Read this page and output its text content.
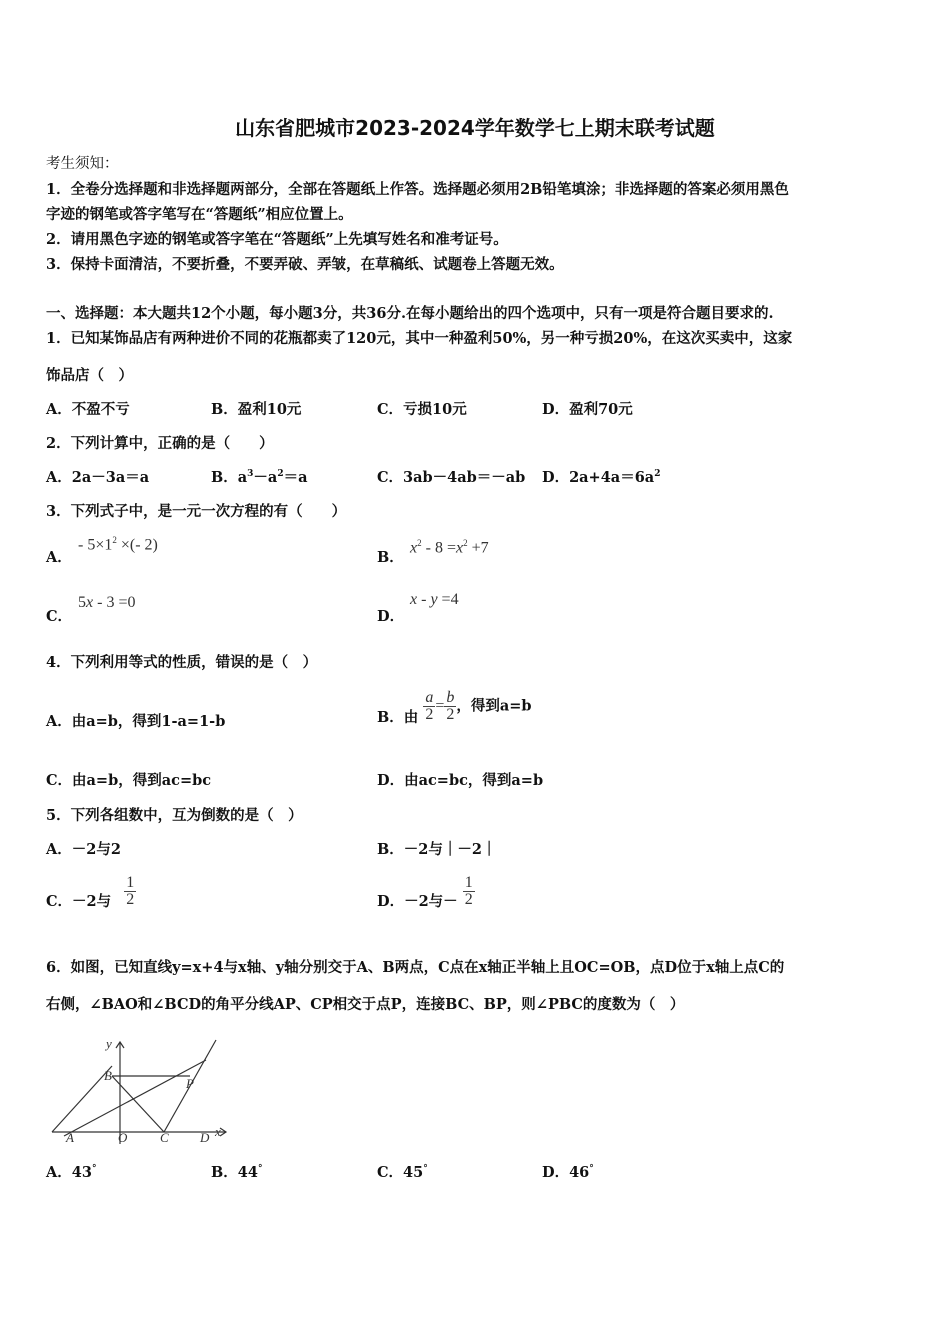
山东省肥城市2023-2024学年数学七上期末联考试题
考生须知：
1．全卷分选择题和非选择题两部分，全部在答题纸上作答。选择题必须用2B铅笔填涂；非选择题的答案必须用黑色
字迹的钢笔或答字笔写在“答题纸”相应位置上。
2．请用黑色字迹的钢笔或答字笔在“答题纸”上先填写姓名和准考证号。
3．保持卡面清洁，不要折叠，不要弄破、弄皱，在草稿纸、试题卷上答题无效。
一、选择题：本大题共12个小题，每小题3分，共36分.在每小题给出的四个选项中，只有一项是符合题目要求的.
1．已知某饰品店有两种进价不同的花瓶都卖了120元，其中一种盈利50%，另一种亏损20%，在这次买卖中，这家
饰品店（　）
A．不盈不亏	B．盈利10元	C．亏损10元	D．盈利70元
2．下列计算中，正确的是（　　）
A．2a－3a＝a	B．$a^3-a^2=a$	C．3ab－4ab＝－ab D．$2a+4a=6a^2$
3．下列式子中，是一元一次方程的有（　　）
A．
- $5\times 1^2$ ×(- 2)
B．
$x^2 - 8 =x^2 +7$
C．
5x - 3 =0
D．
x - y =4
4．下列利用等式的性质，错误的是（　）
A．由a=b，得到1-a=1-b	B．由 $\frac{a}{2} = \frac{b}{2}$ ，得到a=b
C．由a=b，得到ac=bc	D．由ac=bc，得到a=b
5．下列各组数中，互为倒数的是（　）
A．－2与2	B．－2与｜－2｜
C．－2与 $\frac{1}{2}$	D．－2与－ $\frac{1}{2}$
6．如图，已知直线y=x+4与x轴、y轴分别交于A、B两点，C点在x轴正半轴上且OC=OB，点D位于x轴上点C的
右侧，∠BAO和∠BCD的角平分线AP、CP相交于点P，连接BC、BP，则∠PBC的度数为（　）
y
B
P
A	O	C D x
A．43°	B．44°	C．45°	D．46°
